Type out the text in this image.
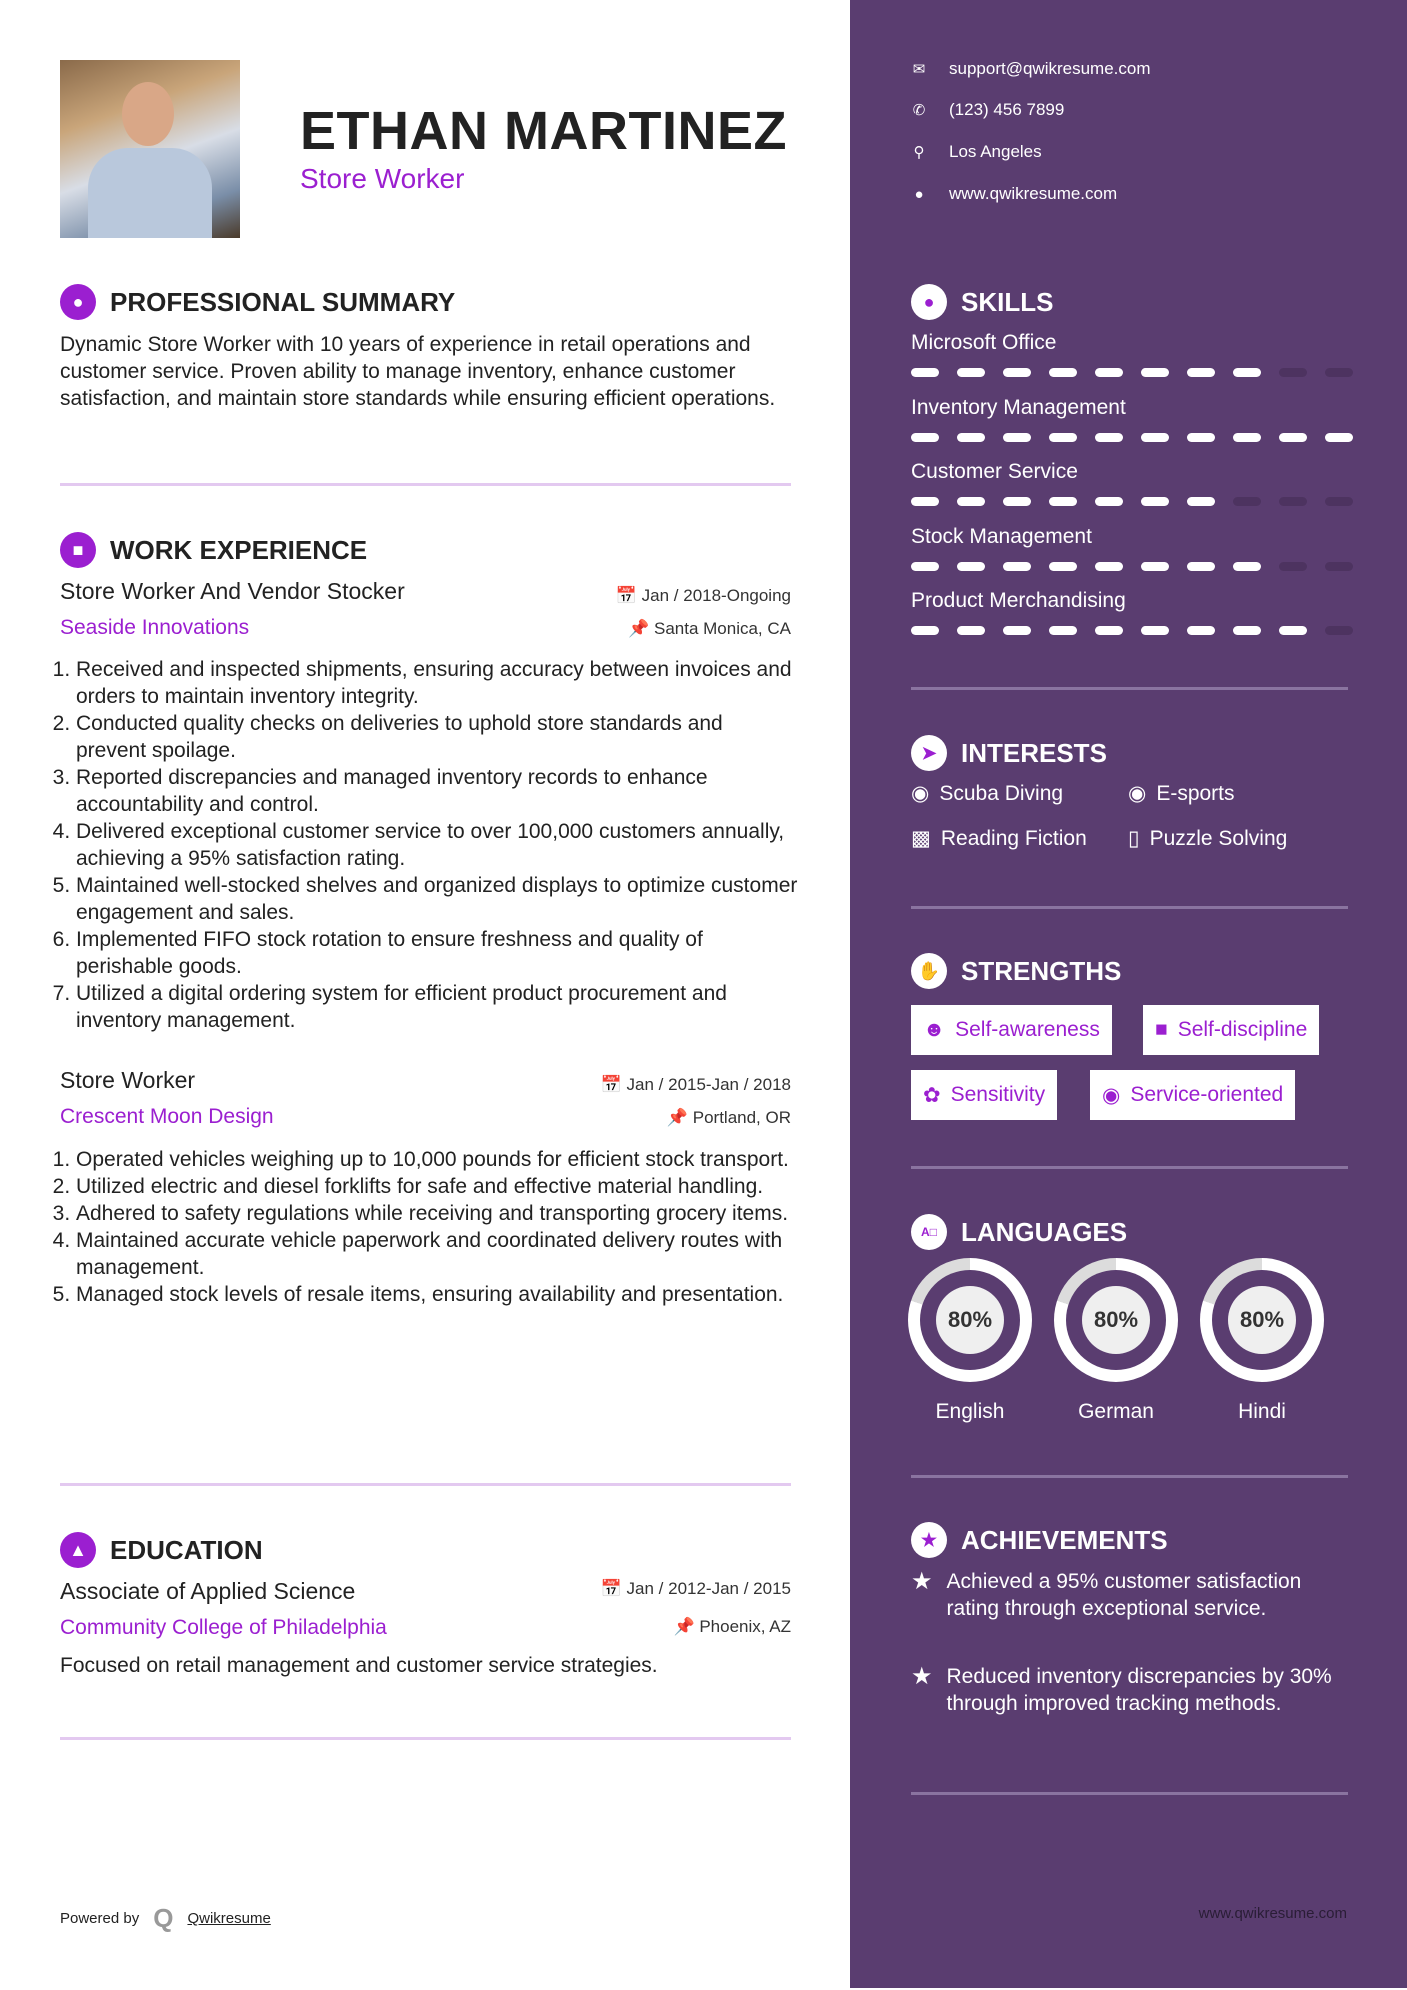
ETHAN MARTINEZ
Store Worker
●	PROFESSIONAL SUMMARY
Dynamic Store Worker with 10 years of experience in retail operations and customer service. Proven ability to manage inventory, enhance customer satisfaction, and maintain store standards while ensuring efficient operations.
■	WORK EXPERIENCE
Store Worker And Vendor Stocker	📅 Jan / 2018-Ongoing
Seaside Innovations	📌 Santa Monica, CA
1. Received and inspected shipments, ensuring accuracy between invoices and orders to maintain inventory integrity.
2. Conducted quality checks on deliveries to uphold store standards and prevent spoilage.
3. Reported discrepancies and managed inventory records to enhance accountability and control.
4. Delivered exceptional customer service to over 100,000 customers annually, achieving a 95% satisfaction rating.
5. Maintained well-stocked shelves and organized displays to optimize customer engagement and sales.
6. Implemented FIFO stock rotation to ensure freshness and quality of perishable goods.
7. Utilized a digital ordering system for efficient product procurement and inventory management.
Store Worker	📅 Jan / 2015-Jan / 2018
Crescent Moon Design	📌 Portland, OR
1. Operated vehicles weighing up to 10,000 pounds for efficient stock transport.
2. Utilized electric and diesel forklifts for safe and effective material handling.
3. Adhered to safety regulations while receiving and transporting grocery items.
4. Maintained accurate vehicle paperwork and coordinated delivery routes with management.
5. Managed stock levels of resale items, ensuring availability and presentation.
▲ EDUCATION
Associate of Applied Science	📅 Jan / 2012-Jan / 2015
Community College of Philadelphia	📌 Phoenix, AZ
Focused on retail management and customer service strategies.
Powered by Q Qwikresume	www.qwikresume.com
✉ support@qwikresume.com
✆ (123) 456 7899
⚲ Los Angeles
● www.qwikresume.com
●	SKILLS
Microsoft Office
Inventory Management
Customer Service
Stock Management
Product Merchandising
➤ INTERESTS
◉ Scuba Diving	◉ E-sports
▩ Reading Fiction ▯ Puzzle Solving
✋ STRENGTHS
☻ Self-awareness	■ Self-discipline
✿ Sensitivity	◉ Service-oriented
A□ LANGUAGES
80%
English
80%
German
80%
Hindi
★ ACHIEVEMENTS
★ Achieved a 95% customer satisfaction rating through exceptional service.
★ Reduced inventory discrepancies by 30% through improved tracking methods.
